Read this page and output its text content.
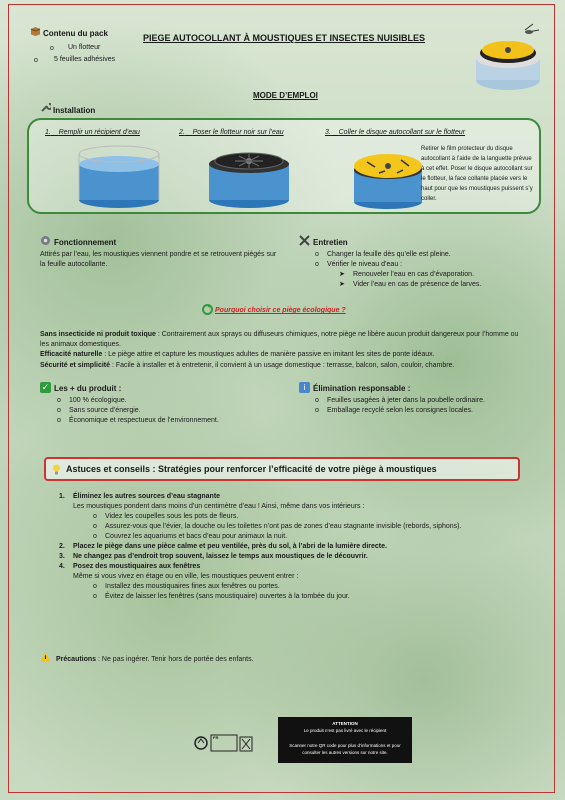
Contenu du pack
o Un flotteur
o 5 feuilles adhésives
PIEGE AUTOCOLLANT À MOUSTIQUES ET INSECTES NUISIBLES
MODE D’EMPLOI
Installation
1. Remplir un récipient d’eau	2. Poser le flotteur noir sur l’eau	3. Coller le disque autocollant sur le flotteur
Retirer le film protecteur du disque autocollant à l’aide de la languette prévue à cet effet. Poser le disque autocollant sur le flotteur, la face collante placée vers le haut pour que les moustiques puissent s’y coller.
Fonctionnement
Attirés par l’eau, les moustiques viennent pondre et se retrouvent piégés sur la feuille autocollante.
Entretien
o Changer la feuille dès qu’elle est pleine.
o Vérifier le niveau d’eau :
➤ Renouveler l’eau en cas d’évaporation.
➤ Vider l’eau en cas de présence de larves.
Pourquoi choisir ce piège écologique ?
Sans insecticide ni produit toxique : Contrairement aux sprays ou diffuseurs chimiques, notre piège ne libère aucun produit dangereux pour l’homme ou les animaux domestiques.
Efficacité naturelle : Le piège attire et capture les moustiques adultes de manière passive en imitant les sites de ponte idéaux.
Sécurité et simplicité : Facile à installer et à entretenir, il convient à un usage domestique : terrasse, balcon, salon, couloir, chambre.
✓ Les + du produit :
o 100 % écologique.
o Sans source d’énergie.
o Économique et respectueux de l’environnement.
i Élimination responsable :
o Feuilles usagées à jeter dans la poubelle ordinaire.
o Emballage recyclé selon les consignes locales.
Astuces et conseils : Stratégies pour renforcer l’efficacité de votre piège à moustiques
1. Éliminez les autres sources d’eau stagnante
Les moustiques pondent dans moins d’un centimètre d’eau ! Ainsi, même dans vos intérieurs :
o Videz les coupelles sous les pots de fleurs.
o Assurez-vous que l’évier, la douche ou les toilettes n’ont pas de zones d’eau stagnante invisible (rebords, siphons).
o Couvrez les aquariums et bacs d’eau pour animaux la nuit.
2. Placez le piège dans une pièce calme et peu ventilée, près du sol, à l’abri de la lumière directe.
3. Ne changez pas d’endroit trop souvent, laissez le temps aux moustiques de le découvrir.
4. Posez des moustiquaires aux fenêtres
Même si vous vivez en étage ou en ville, les moustiques peuvent entrer :
o Installez des moustiquaires fines aux fenêtres ou portes.
o Évitez de laisser les fenêtres (sans moustiquaire) ouvertes à la tombée du jour.
Précautions : Ne pas ingérer. Tenir hors de portée des enfants.
FR
ATTENTION
Le produit n’est pas livré avec le récipient
Scanner notre QR code pour plus d’informations et pour consulter les autres versions sur notre site.
